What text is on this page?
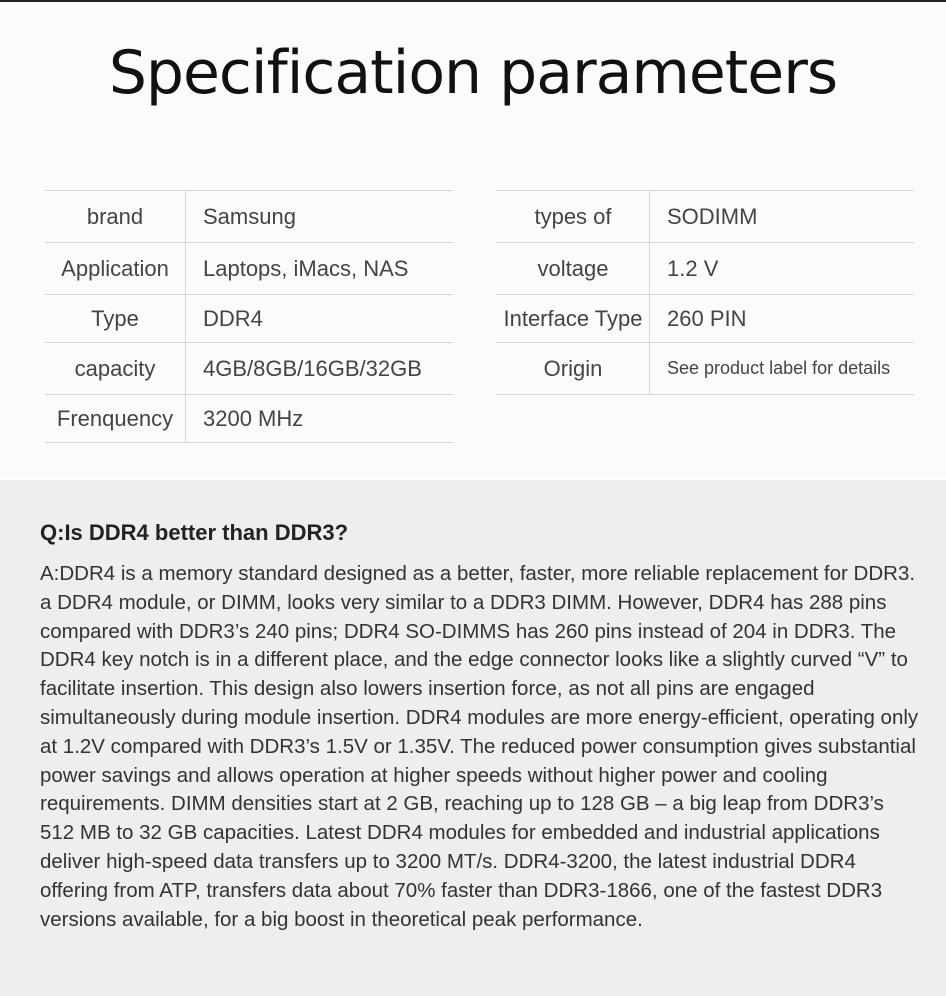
Specification parameters
brand	Samsung
Application	Laptops, iMacs, NAS
Type	DDR4
capacity	4GB/8GB/16GB/32GB
Frenquency	3200 MHz
types of	SODIMM
voltage	1.2 V
Interface Type	260 PIN
Origin	See product label for details

Q:Is DDR4 better than DDR3?

A:DDR4 is a memory standard designed as a better, faster, more reliable replacement for DDR3. a DDR4 module, or DIMM, looks very similar to a DDR3 DIMM. However, DDR4 has 288 pins compared with DDR3’s 240 pins; DDR4 SO-DIMMS has 260 pins instead of 204 in DDR3. The DDR4 key notch is in a different place, and the edge connector looks like a slightly curved “V” to facilitate insertion. This design also lowers insertion force, as not all pins are engaged simultaneously during module insertion. DDR4 modules are more energy-efficient, operating only at 1.2V compared with DDR3’s 1.5V or 1.35V. The reduced power consumption gives substantial power savings and allows operation at higher speeds without higher power and cooling requirements. DIMM densities start at 2 GB, reaching up to 128 GB – a big leap from DDR3’s 512 MB to 32 GB capacities. Latest DDR4 modules for embedded and industrial applications deliver high-speed data transfers up to 3200 MT/s. DDR4-3200, the latest industrial DDR4 offering from ATP, transfers data about 70% faster than DDR3-1866, one of the fastest DDR3 versions available, for a big boost in theoretical peak performance.
